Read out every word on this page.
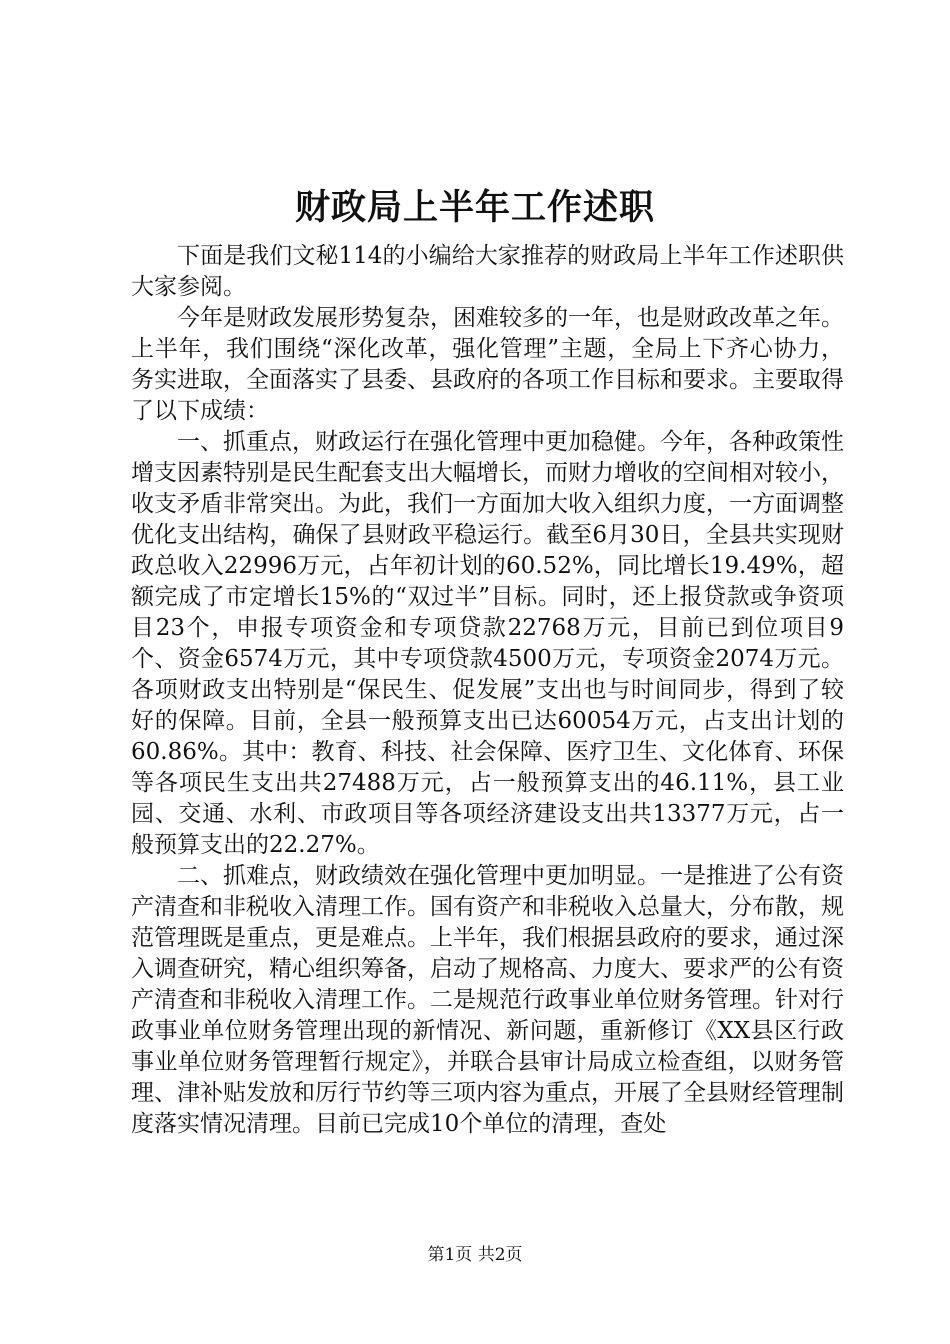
财政局上半年工作述职

下面是我们文秘114的小编给大家推荐的财政局上半年工作述职供大家参阅。

今年是财政发展形势复杂，困难较多的一年，也是财政改革之年。上半年，我们围绕“深化改革，强化管理”主题，全局上下齐心协力，务实进取，全面落实了县委、县政府的各项工作目标和要求。主要取得了以下成绩：

一、抓重点，财政运行在强化管理中更加稳健。今年，各种政策性增支因素特别是民生配套支出大幅增长，而财力增收的空间相对较小，收支矛盾非常突出。为此，我们一方面加大收入组织力度，一方面调整优化支出结构，确保了县财政平稳运行。截至6月30日，全县共实现财政总收入22996万元，占年初计划的60.52%，同比增长19.49%，超额完成了市定增长15%的“双过半”目标。同时，还上报贷款或争资项目23个，申报专项资金和专项贷款22768万元，目前已到位项目9个、资金6574万元，其中专项贷款4500万元，专项资金2074万元。各项财政支出特别是“保民生、促发展”支出也与时间同步，得到了较好的保障。目前，全县一般预算支出已达60054万元，占支出计划的60.86%。其中：教育、科技、社会保障、医疗卫生、文化体育、环保等各项民生支出共27488万元，占一般预算支出的46.11%，县工业园、交通、水利、市政项目等各项经济建设支出共13377万元，占一般预算支出的22.27%。

二、抓难点，财政绩效在强化管理中更加明显。一是推进了公有资产清查和非税收入清理工作。国有资产和非税收入总量大，分布散，规范管理既是重点，更是难点。上半年，我们根据县政府的要求，通过深入调查研究，精心组织筹备，启动了规格高、力度大、要求严的公有资产清查和非税收入清理工作。二是规范行政事业单位财务管理。针对行政事业单位财务管理出现的新情况、新问题，重新修订《XX县区行政事业单位财务管理暂行规定》，并联合县审计局成立检查组，以财务管理、津补贴发放和厉行节约等三项内容为重点，开展了全县财经管理制度落实情况清理。目前已完成10个单位的清理，查处

第1页 共2页
